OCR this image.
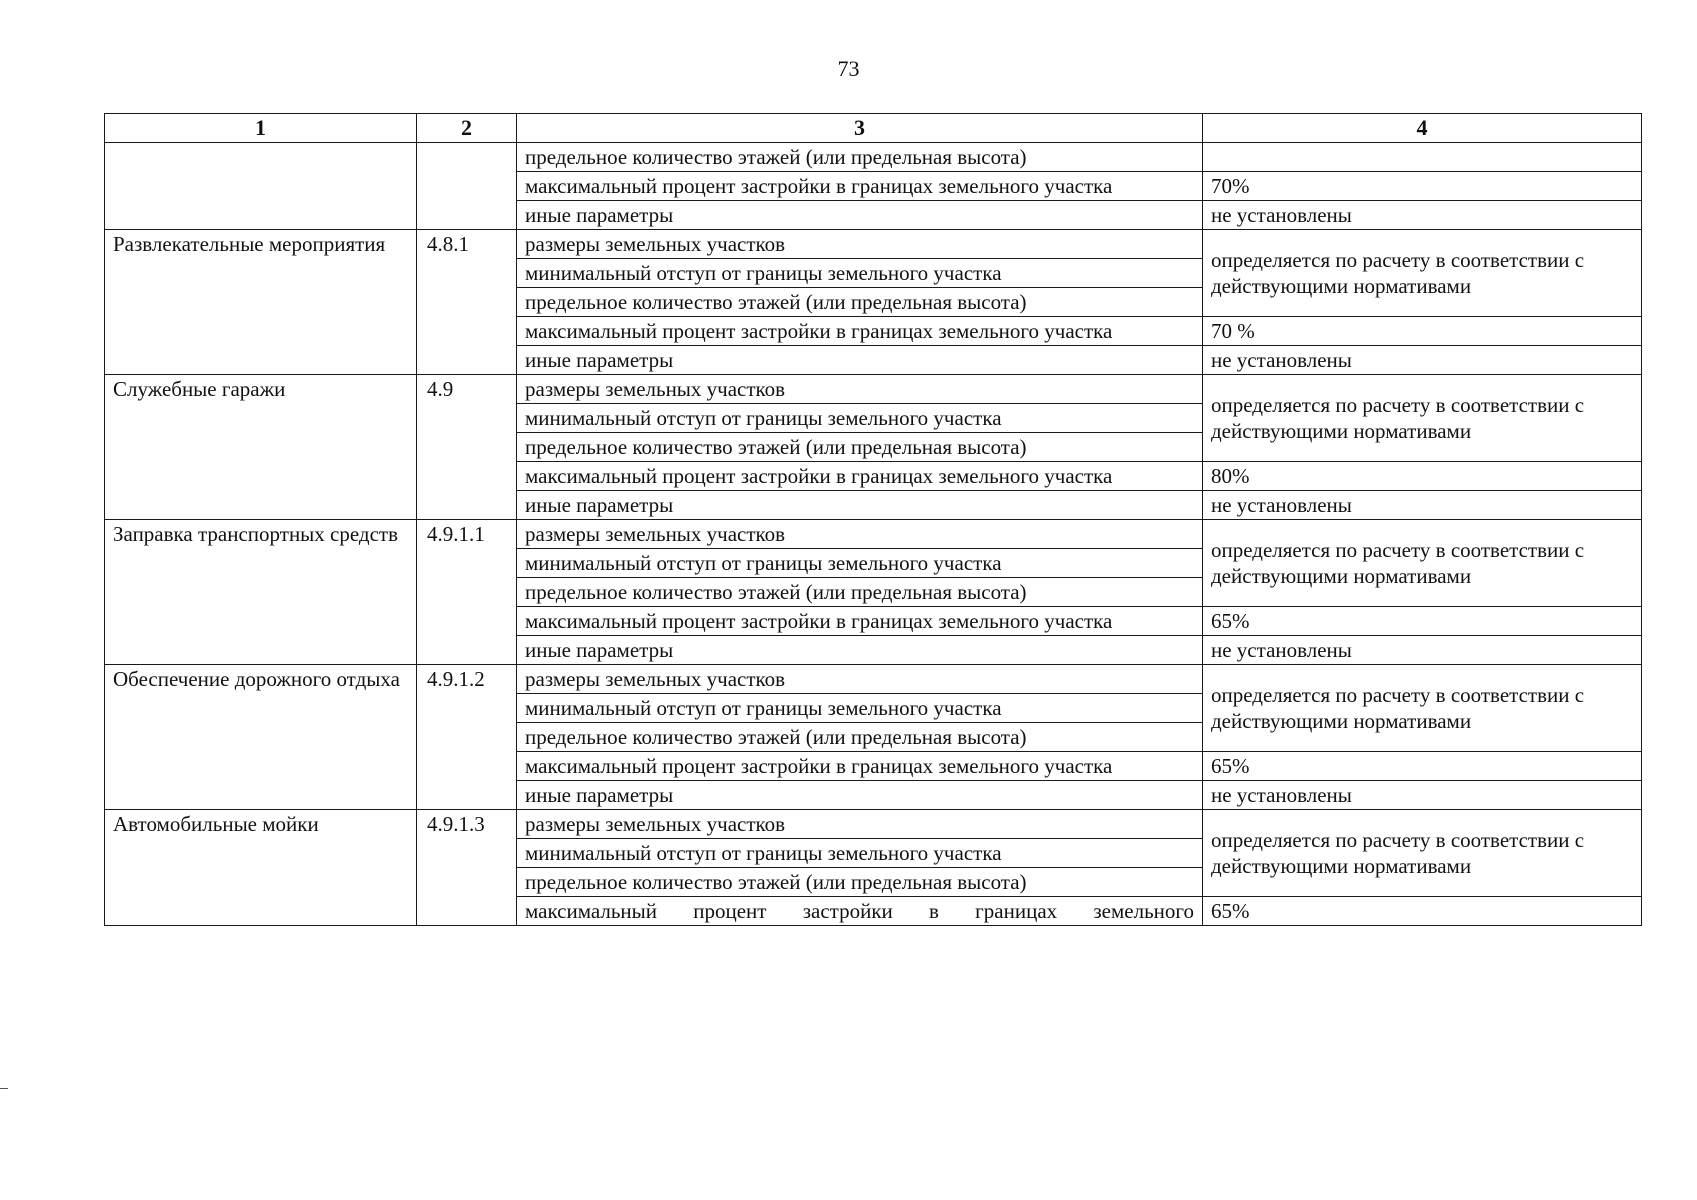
73
1	2	3	4
		предельное количество этажей (или предельная высота)	
		максимальный процент застройки в границах земельного участка	70%
		иные параметры	не установлены
Развлекательные мероприятия	4.8.1	размеры земельных участков	определяется по расчету в соответствии с действующими нормативами
		минимальный отступ от границы земельного участка	
		предельное количество этажей (или предельная высота)	
		максимальный процент застройки в границах земельного участка	70 %
		иные параметры	не установлены
Служебные гаражи	4.9	размеры земельных участков	определяется по расчету в соответствии с действующими нормативами
		минимальный отступ от границы земельного участка	
		предельное количество этажей (или предельная высота)	
		максимальный процент застройки в границах земельного участка	80%
		иные параметры	не установлены
Заправка транспортных средств	4.9.1.1	размеры земельных участков	определяется по расчету в соответствии с действующими нормативами
		минимальный отступ от границы земельного участка	
		предельное количество этажей (или предельная высота)	
		максимальный процент застройки в границах земельного участка	65%
		иные параметры	не установлены
Обеспечение дорожного отдыха	4.9.1.2	размеры земельных участков	определяется по расчету в соответствии с действующими нормативами
		минимальный отступ от границы земельного участка	
		предельное количество этажей (или предельная высота)	
		максимальный процент застройки в границах земельного участка	65%
		иные параметры	не установлены
Автомобильные мойки	4.9.1.3	размеры земельных участков	определяется по расчету в соответствии с действующими нормативами
		минимальный отступ от границы земельного участка	
		предельное количество этажей (или предельная высота)	
		максимальный процент застройки в границах земельного	65%
